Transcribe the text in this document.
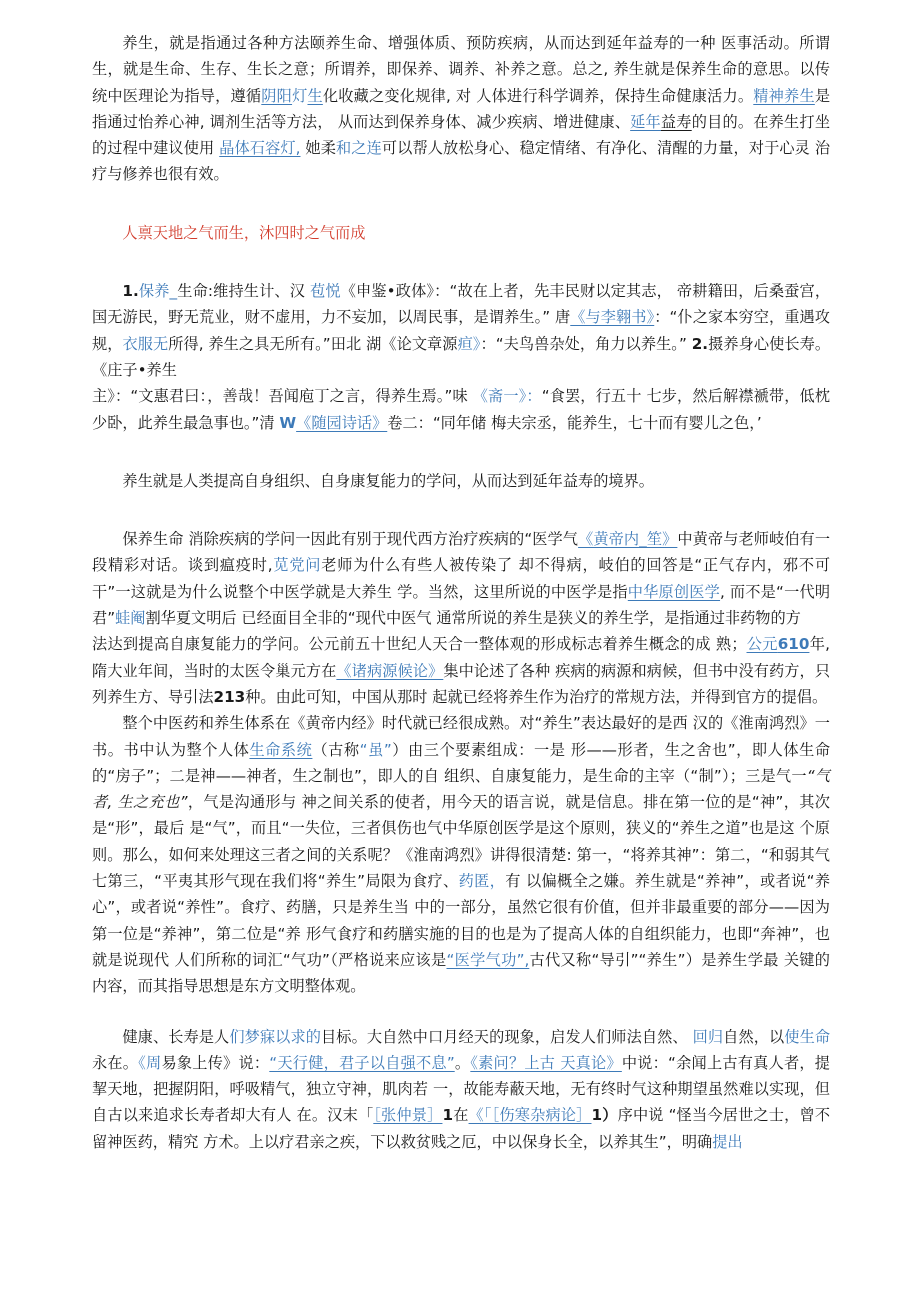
养生，就是指通过各种方法颐养生命、增强体质、预防疾病，从而达到延年益寿的一种 医事活动。所谓生，就是生命、生存、生长之意；所谓养，即保养、调养、补养之意。总之, 养生就是保养生命的意思。以传统中医理论为指导，遵循阴阳灯生化收藏之变化规律, 对 人体进行科学调养，保持生命健康活力。精神养生是指通过怡养心神, 调剂生活等方法， 从而达到保养身体、减少疾病、增进健康、延年益寿的目的。在养生打坐的过程中建议使用 晶体石容灯, 她柔和之连可以帮人放松身心、稳定情绪、有净化、清醒的力量，对于心灵 治疗与修养也很有效。

人禀天地之气而生，沐四时之气而成

1.保养_生命:维持生计、汉 苞悦《申鉴•政体》：“故在上者，先丰民财以定其志， 帝耕籍田，后桑蚕宫，国无游民，野无荒业，财不虚用，力不妄加，以周民事，是谓养生。” 唐《与李翱书》：“仆之家本穷空，重遇攻规，衣服无所得, 养生之具无所有。”田北 湖《论文章源疸》：“夫鸟兽杂处，角力以养生。” 2.摄养身心使长寿。《庄子•养生

主》：“文惠君曰：，善哉！吾闻庖丁之言，得养生焉。”味 《斋一》：“食罢，行五十 七步，然后解襟褫带，低枕少卧，此养生最急事也。”清 W《随园诗话》卷二：“同年储 梅夫宗丞，能养生，七十而有婴儿之色，’

养生就是人类提高自身组织、自身康复能力的学问，从而达到延年益寿的境界。

保养生命 消除疾病的学问一因此有别于现代西方治疗疾病的“医学气《黄帝内_笙》中黄帝与老师岐伯有一段精彩对话。谈到瘟疫时,苋党问老师为什么有些人被传染了 却不得病，岐伯的回答是“正气存内，邪不可干”一这就是为什么说整个中医学就是大养生 学。当然，这里所说的中医学是指中华原创医学, 而不是“一代明君”蛙阉割华夏文明后 已经面目全非的“现代中医气 通常所说的养生是狭义的养生学，是指通过非药物的方

法达到提高自康复能力的学问。公元前五十世纪人天合一整体观的形成标志着养生概念的成 熟；公元610年, 隋大业年间，当时的太医令巢元方在《诸病源候论》集中论述了各种 疾病的病源和病候，但书中没有药方，只列养生方、导引法213种。由此可知，中国从那时 起就已经将养生作为治疗的常规方法，并得到官方的提倡。

整个中医药和养生体系在《黄帝内经》时代就已经很成熟。对“养生”表达最好的是西 汉的《淮南鸿烈》一书。书中认为整个人体生命系统（古称“虽”）由三个要素组成：一是 形——形者，生之舍也”，即人体生命的“房子”；二是神——神者，生之制也”，即人的自 组织、自康复能力，是生命的主宰（“制”）；三是气一“气者, 生之充也”，气是沟通形与 神之间关系的使者，用今天的语言说，就是信息。排在第一位的是“神”，其次是“形”，最后 是“气”，而且“一失位，三者俱伤也气中华原创医学是这个原则，狭义的“养生之道”也是这 个原则。那么，如何来处理这三者之间的关系呢？《淮南鸿烈》讲得很清楚: 第一，“将养其神”：第二，“和弱其气七第三，“平夷其形气现在我们将“养生”局限为食疗、药匿，有 以偏概全之嫌。养生就是“养神”，或者说“养心”，或者说“养性”。食疗、药膳，只是养生当 中的一部分，虽然它很有价值，但并非最重要的部分——因为第一位是“养神”，第二位是“养 形气食疗和药膳实施的目的也是为了提高人体的自组织能力，也即“奔神”，也就是说现代 人们所称的词汇“气功”（严格说来应该是“医学气功”,古代又称“导引”“养生”）是养生学最 关键的内容，而其指导思想是东方文明整体观。

健康、长寿是人们梦寐以求的目标。大自然中口月经天的现象，启发人们师法自然、 回归自然，以使生命永在。《周易象上传》说：“天行健，君子以自强不息”。《素问？上古 天真论》中说：“余闻上古有真人者，提挈天地，把握阴阳，呼吸精气，独立守神，肌肉若 一，故能寿蔽天地，无有终时气这种期望虽然难以实现，但自古以来追求长寿者却大有人 在。汉末「［张仲景］1在《「［伤寒杂病论］1）序中说 “怪当今居世之士，曾不留神医药，精究 方术。上以疗君亲之疾，下以救贫贱之厄，中以保身长全，以养其生”，明确提出
